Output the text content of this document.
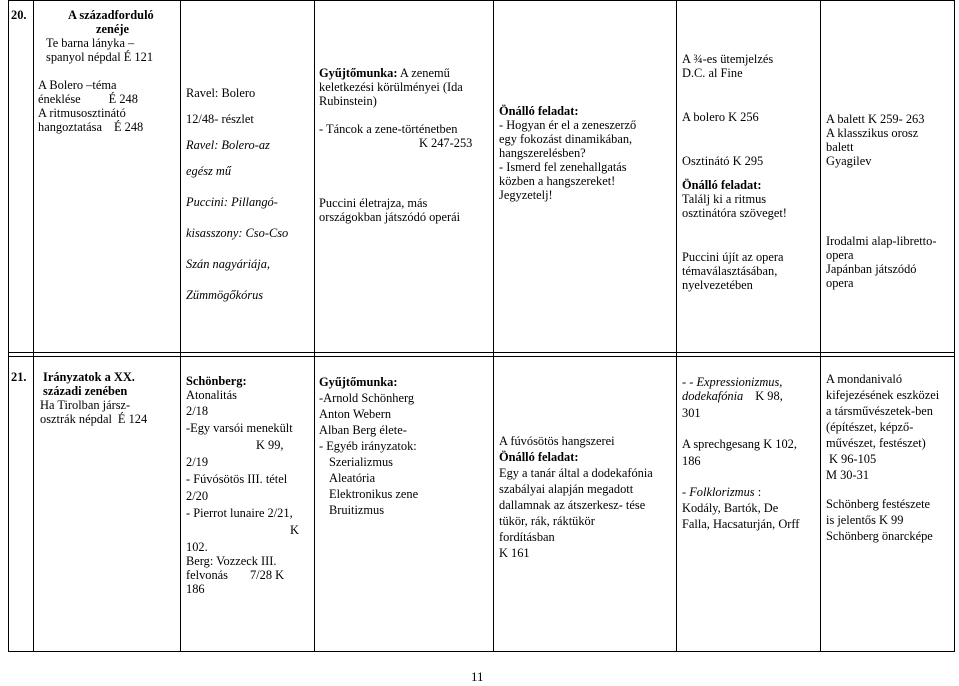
20.	A századforduló
zenéje
Te barna lányka –
spanyol népdal É 121
A Bolero –téma
éneklése É 248
A ritmusosztinátó
hangoztatása É 248
Ravel: Bolero
12/48- részlet
Ravel: Bolero-az
egész mű
Puccini: Pillangó-
kisasszony: Cso-Cso
Szán nagyáriája,
Zümmögőkórus
Gyűjtőmunka: A zenemű
keletkezési körülményei (Ida
Rubinstein)
- Táncok a zene-történetben
K 247-253
Puccini életrajza, más
országokban játszódó operái
Önálló feladat:
- Hogyan ér el a zeneszerző
egy fokozást dinamikában,
hangszerelésben?
- Ismerd fel zenehallgatás
közben a hangszereket!
Jegyzetelj!
A ¾-es ütemjelzés
D.C. al Fine
A bolero K 256
Osztinátó K 295
Önálló feladat:
Találj ki a ritmus
osztinátóra szöveget!
Puccini újít az opera
témaválasztásában,
nyelvezetében
A balett K 259- 263
A klasszikus orosz
balett
Gyagilev
Irodalmi alap-libretto-
opera
Japánban játszódó
opera
21. Irányzatok a XX.
századi zenében
Ha Tirolban jársz-
osztrák népdal É 124
Schönberg:
Atonalitás
2/18
-Egy varsói menekült
K 99,
2/19
- Fúvósötös III. tétel
2/20
- Pierrot lunaire 2/21,
K
102.
Berg: Vozzeck III.
felvonás 7/28 K
186
Gyűjtőmunka:
-Arnold Schönherg
Anton Webern
Alban Berg élete-
- Egyéb irányzatok:
Szerializmus
Aleatória
Elektronikus zene
Bruitizmus
A fúvósötös hangszerei
Önálló feladat:
Egy a tanár által a dodekafónia
szabályai alapján megadott
dallamnak az átszerkesz- tése
tükör, rák, ráktükör
fordításban
K 161
- - Expressionizmus,
dodekafónia K 98,
301
A sprechgesang K 102,
186
- Folklorizmus :
Kodály, Bartók, De
Falla, Hacsaturján, Orff
A mondanivaló
kifejezésének eszközei
a társművészetek-ben
(építészet, képző-
művészet, festészet)
K 96-105
M 30-31
Schönberg festészete
is jelentős K 99
Schönberg önarcképe
11
